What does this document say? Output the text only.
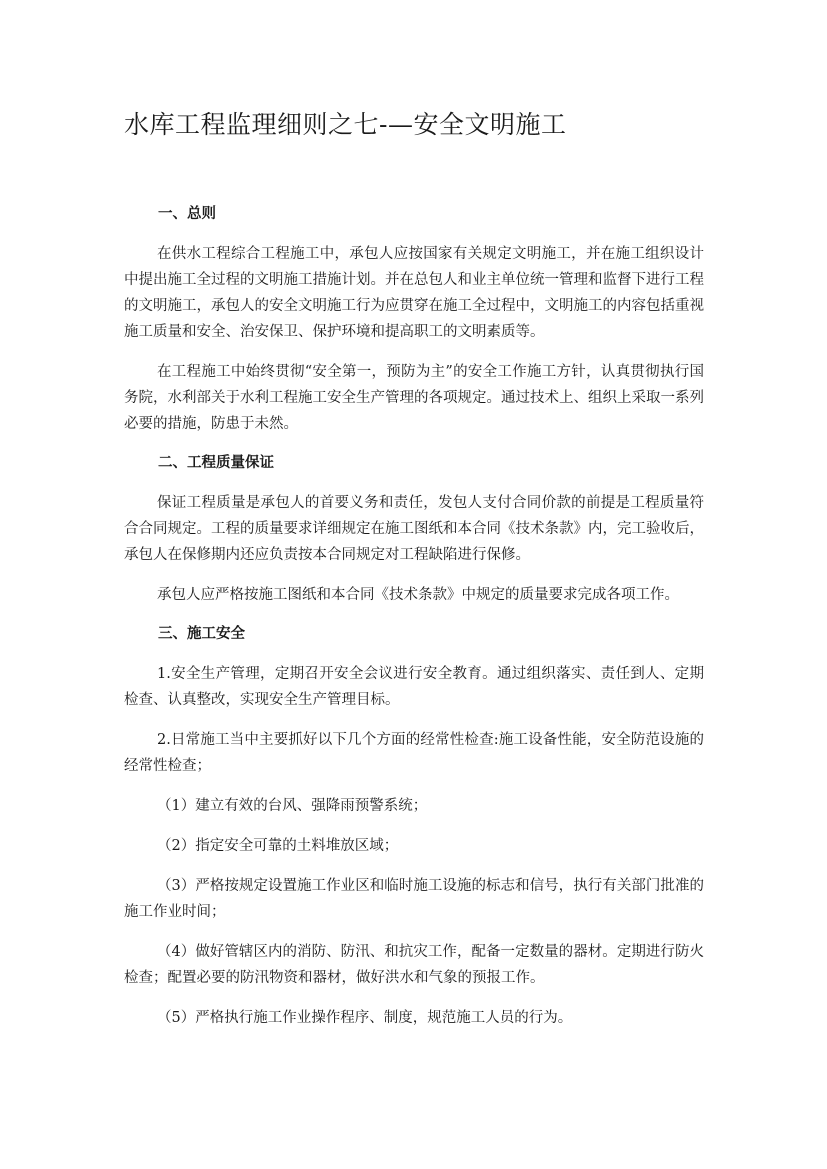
水库工程监理细则之七-—安全文明施工

一、总则

在供水工程综合工程施工中，承包人应按国家有关规定文明施工，并在施工组织设计中提出施工全过程的文明施工措施计划。并在总包人和业主单位统一管理和监督下进行工程的文明施工，承包人的安全文明施工行为应贯穿在施工全过程中，文明施工的内容包括重视施工质量和安全、治安保卫、保护环境和提高职工的文明素质等。

在工程施工中始终贯彻“安全第一，预防为主”的安全工作施工方针，认真贯彻执行国务院，水利部关于水利工程施工安全生产管理的各项规定。通过技术上、组织上采取一系列必要的措施，防患于未然。

二、工程质量保证

保证工程质量是承包人的首要义务和责任，发包人支付合同价款的前提是工程质量符合合同规定。工程的质量要求详细规定在施工图纸和本合同《技术条款》内，完工验收后，承包人在保修期内还应负责按本合同规定对工程缺陷进行保修。

承包人应严格按施工图纸和本合同《技术条款》中规定的质量要求完成各项工作。

三、施工安全

1.安全生产管理，定期召开安全会议进行安全教育。通过组织落实、责任到人、定期检查、认真整改，实现安全生产管理目标。

2.日常施工当中主要抓好以下几个方面的经常性检查:施工设备性能，安全防范设施的经常性检查；

（1）建立有效的台风、强降雨预警系统；

（2）指定安全可靠的土料堆放区域；

（3）严格按规定设置施工作业区和临时施工设施的标志和信号，执行有关部门批准的施工作业时间；

（4）做好管辖区内的消防、防汛、和抗灾工作，配备一定数量的器材。定期进行防火检查；配置必要的防汛物资和器材，做好洪水和气象的预报工作。

（5）严格执行施工作业操作程序、制度，规范施工人员的行为。
